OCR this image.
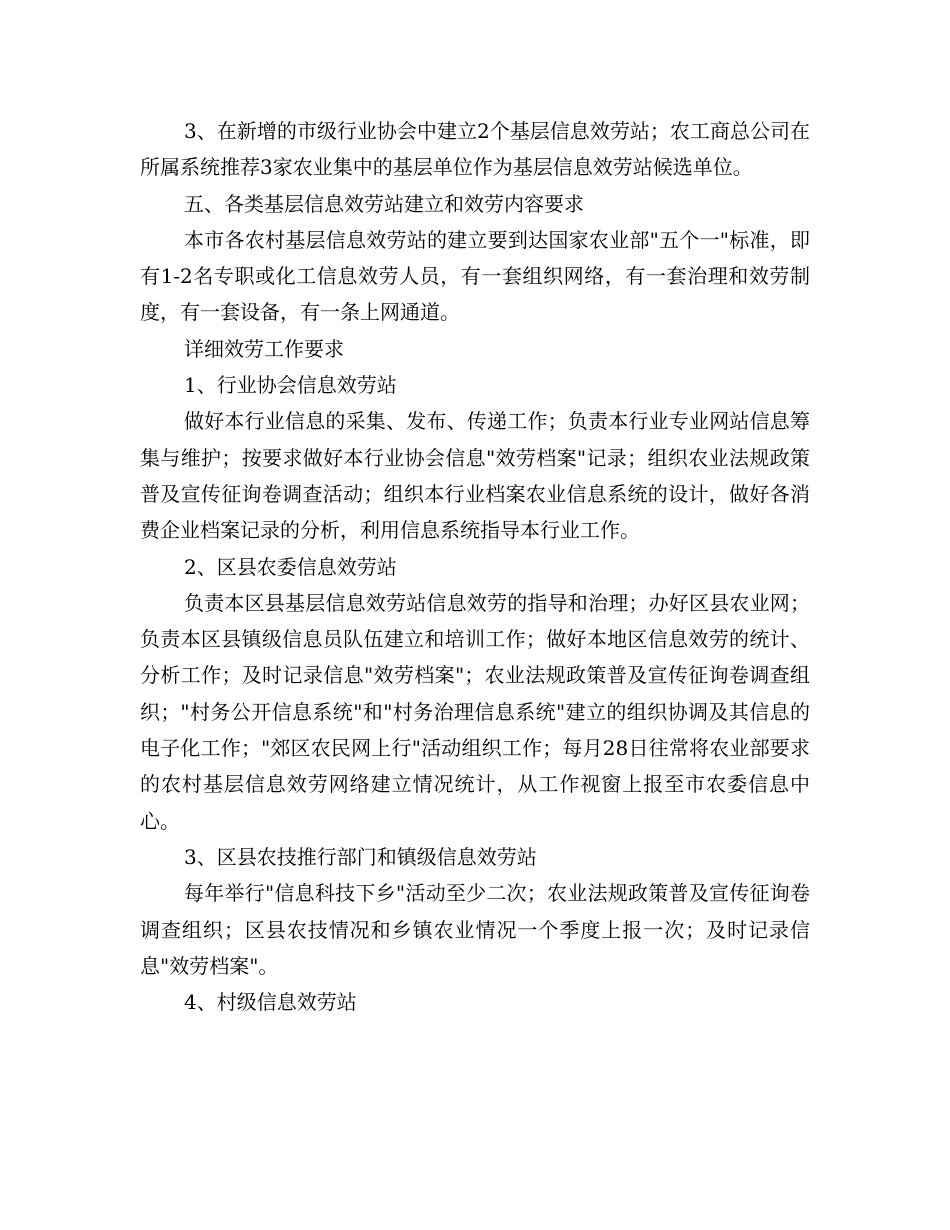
3、在新增的市级行业协会中建立2个基层信息效劳站；农工商总公司在所属系统推荐3家农业集中的基层单位作为基层信息效劳站候选单位。

五、各类基层信息效劳站建立和效劳内容要求

本市各农村基层信息效劳站的建立要到达国家农业部"五个一"标准，即有1-2名专职或化工信息效劳人员，有一套组织网络，有一套治理和效劳制度，有一套设备，有一条上网通道。

详细效劳工作要求

1、行业协会信息效劳站

做好本行业信息的采集、发布、传递工作；负责本行业专业网站信息筹集与维护；按要求做好本行业协会信息"效劳档案"记录；组织农业法规政策普及宣传征询卷调查活动；组织本行业档案农业信息系统的设计，做好各消费企业档案记录的分析，利用信息系统指导本行业工作。

2、区县农委信息效劳站

负责本区县基层信息效劳站信息效劳的指导和治理；办好区县农业网；负责本区县镇级信息员队伍建立和培训工作；做好本地区信息效劳的统计、分析工作；及时记录信息"效劳档案"；农业法规政策普及宣传征询卷调查组织；"村务公开信息系统"和"村务治理信息系统"建立的组织协调及其信息的电子化工作；"郊区农民网上行"活动组织工作；每月28日往常将农业部要求的农村基层信息效劳网络建立情况统计，从工作视窗上报至市农委信息中心。

3、区县农技推行部门和镇级信息效劳站

每年举行"信息科技下乡"活动至少二次；农业法规政策普及宣传征询卷调查组织；区县农技情况和乡镇农业情况一个季度上报一次；及时记录信息"效劳档案"。

4、村级信息效劳站
